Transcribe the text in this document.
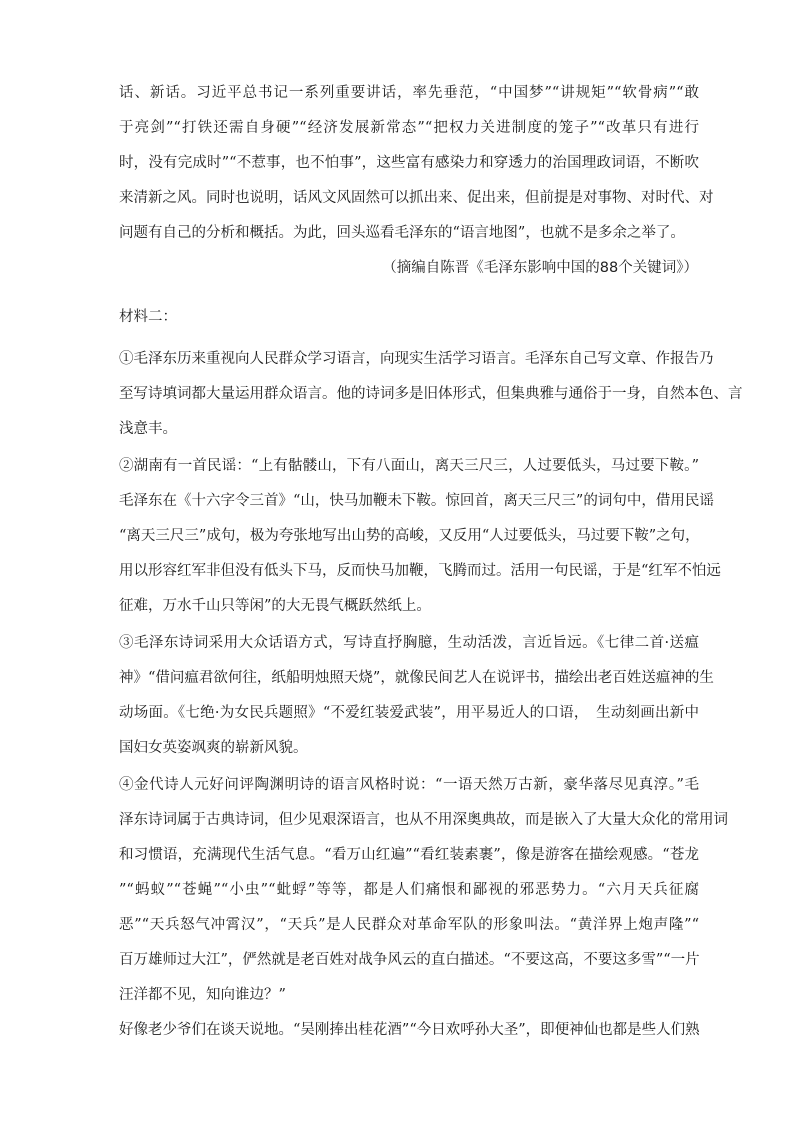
话、新话。习近平总书记一系列重要讲话，率先垂范，“中国梦”“讲规矩”“软骨病”“敢
于亮剑”“打铁还需自身硬”“经济发展新常态”“把权力关进制度的笼子”“改革只有进行
时，没有完成时”“不惹事，也不怕事”，这些富有感染力和穿透力的治国理政词语，不断吹
来清新之风。同时也说明，话风文风固然可以抓出来、促出来，但前提是对事物、对时代、对
问题有自己的分析和概括。为此，回头巡看毛泽东的“语言地图”，也就不是多余之举了。
（摘编自陈晋《毛泽东影响中国的88个关键词》）
材料二：
①毛泽东历来重视向人民群众学习语言，向现实生活学习语言。毛泽东自己写文章、作报告乃
至写诗填词都大量运用群众语言。他的诗词多是旧体形式，但集典雅与通俗于一身，自然本色、言
浅意丰。
②湖南有一首民谣：“上有骷髅山，下有八面山，离天三尺三，人过要低头，马过要下鞍。”
毛泽东在《十六字令三首》“山，快马加鞭未下鞍。惊回首，离天三尺三”的词句中，借用民谣
“离天三尺三”成句，极为夸张地写出山势的高峻，又反用“人过要低头，马过要下鞍”之句，
用以形容红军非但没有低头下马，反而快马加鞭，飞腾而过。活用一句民谣，于是“红军不怕远
征难，万水千山只等闲”的大无畏气概跃然纸上。
③毛泽东诗词采用大众话语方式，写诗直抒胸臆，生动活泼，言近旨远。《七律二首·送瘟
神》“借问瘟君欲何往，纸船明烛照天烧”，就像民间艺人在说评书，描绘出老百姓送瘟神的生
动场面。《七绝·为女民兵题照》“不爱红装爱武装”，用平易近人的口语，　生动刻画出新中
国妇女英姿飒爽的崭新风貌。
④金代诗人元好问评陶渊明诗的语言风格时说：“一语天然万古新，豪华落尽见真淳。”毛
泽东诗词属于古典诗词，但少见艰深语言，也从不用深奥典故，而是嵌入了大量大众化的常用词
和习惯语，充满现代生活气息。“看万山红遍”“看红装素裹”，像是游客在描绘观感。“苍龙
”“蚂蚁”“苍蝇”“小虫”“蚍蜉”等等，都是人们痛恨和鄙视的邪恶势力。“六月天兵征腐
恶”“天兵怒气冲霄汉”，“天兵”是人民群众对革命军队的形象叫法。“黄洋界上炮声隆”“
百万雄师过大江”，俨然就是老百姓对战争风云的直白描述。“不要这高，不要这多雪”“一片
汪洋都不见，知向谁边？”
好像老少爷们在谈天说地。“吴刚捧出桂花酒”“今日欢呼孙大圣”，即便神仙也都是些人们熟
